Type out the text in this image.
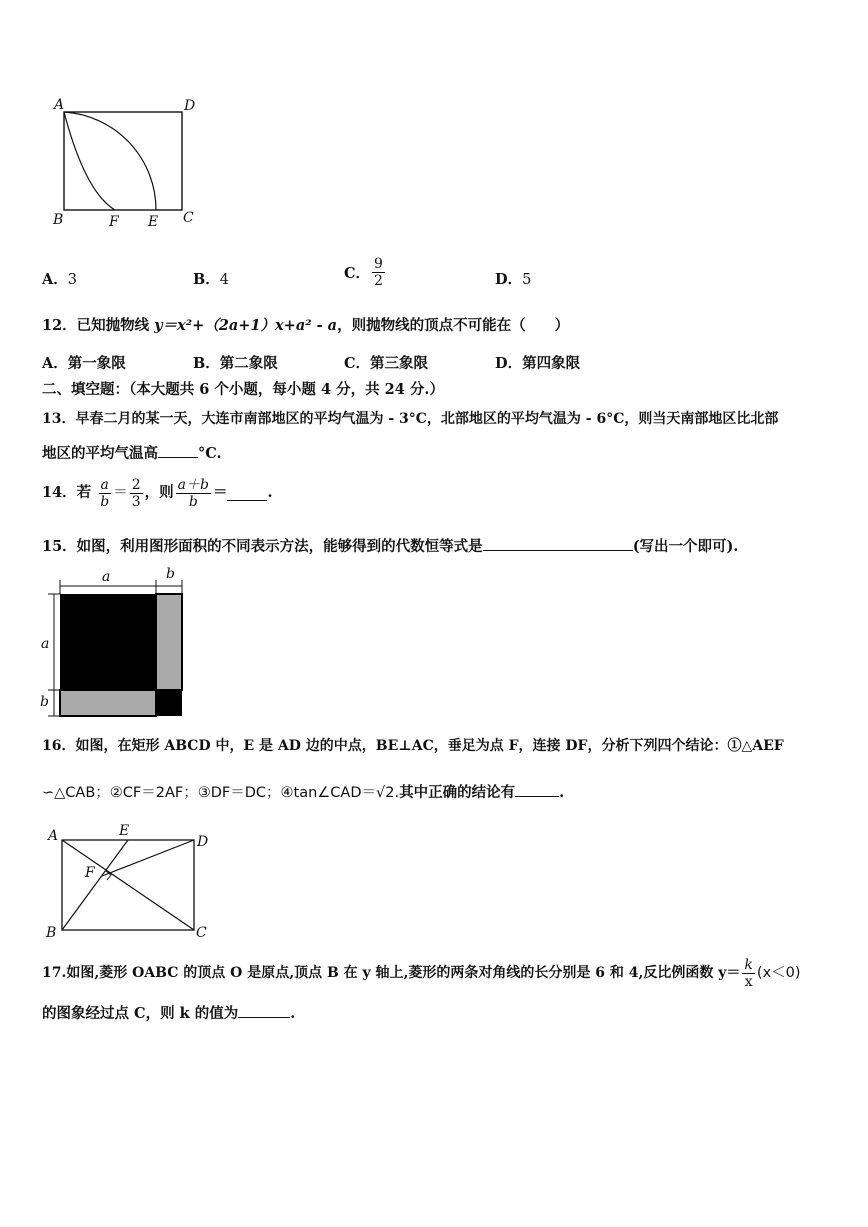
A	D
B	F E C
A．3	B．4	C． $\frac{9}{2}$	D．5
12．已知抛物线 y＝x²+（2a+1）x+a² - a，则抛物线的顶点不可能在（　　）
A．第一象限	B．第二象限	C．第三象限	D．第四象限
二、填空题：（本大题共 6 个小题，每小题 4 分，共 24 分.）
13．早春二月的某一天，大连市南部地区的平均气温为 - 3°C，北部地区的平均气温为 - 6°C，则当天南部地区比北部
地区的平均气温高	°C.
14．若 $\frac{a}{b} = \frac{2}{3}$ ，则 $\frac{a+b}{b}$ ＝	.
15．如图，利用图形面积的不同表示方法，能够得到的代数恒等式是	(写出一个即可).
a	b
a
b
16．如图，在矩形 ABCD 中，E 是 AD 边的中点，BE⊥AC，垂足为点 F，连接 DF，分析下列四个结论：①△AEF
∽△CAB；②CF＝2AF；③DF＝DC；④tan∠CAD＝√2.其中正确的结论有	.
A	E
D
F
B	C
17.如图,菱形 OABC 的顶点 O 是原点,顶点 B 在 y 轴上,菱形的两条对角线的长分别是 6 和 4,反比例函数 $y= \frac{k}{x} (x<0)$
的图象经过点 C，则 k 的值为	.
